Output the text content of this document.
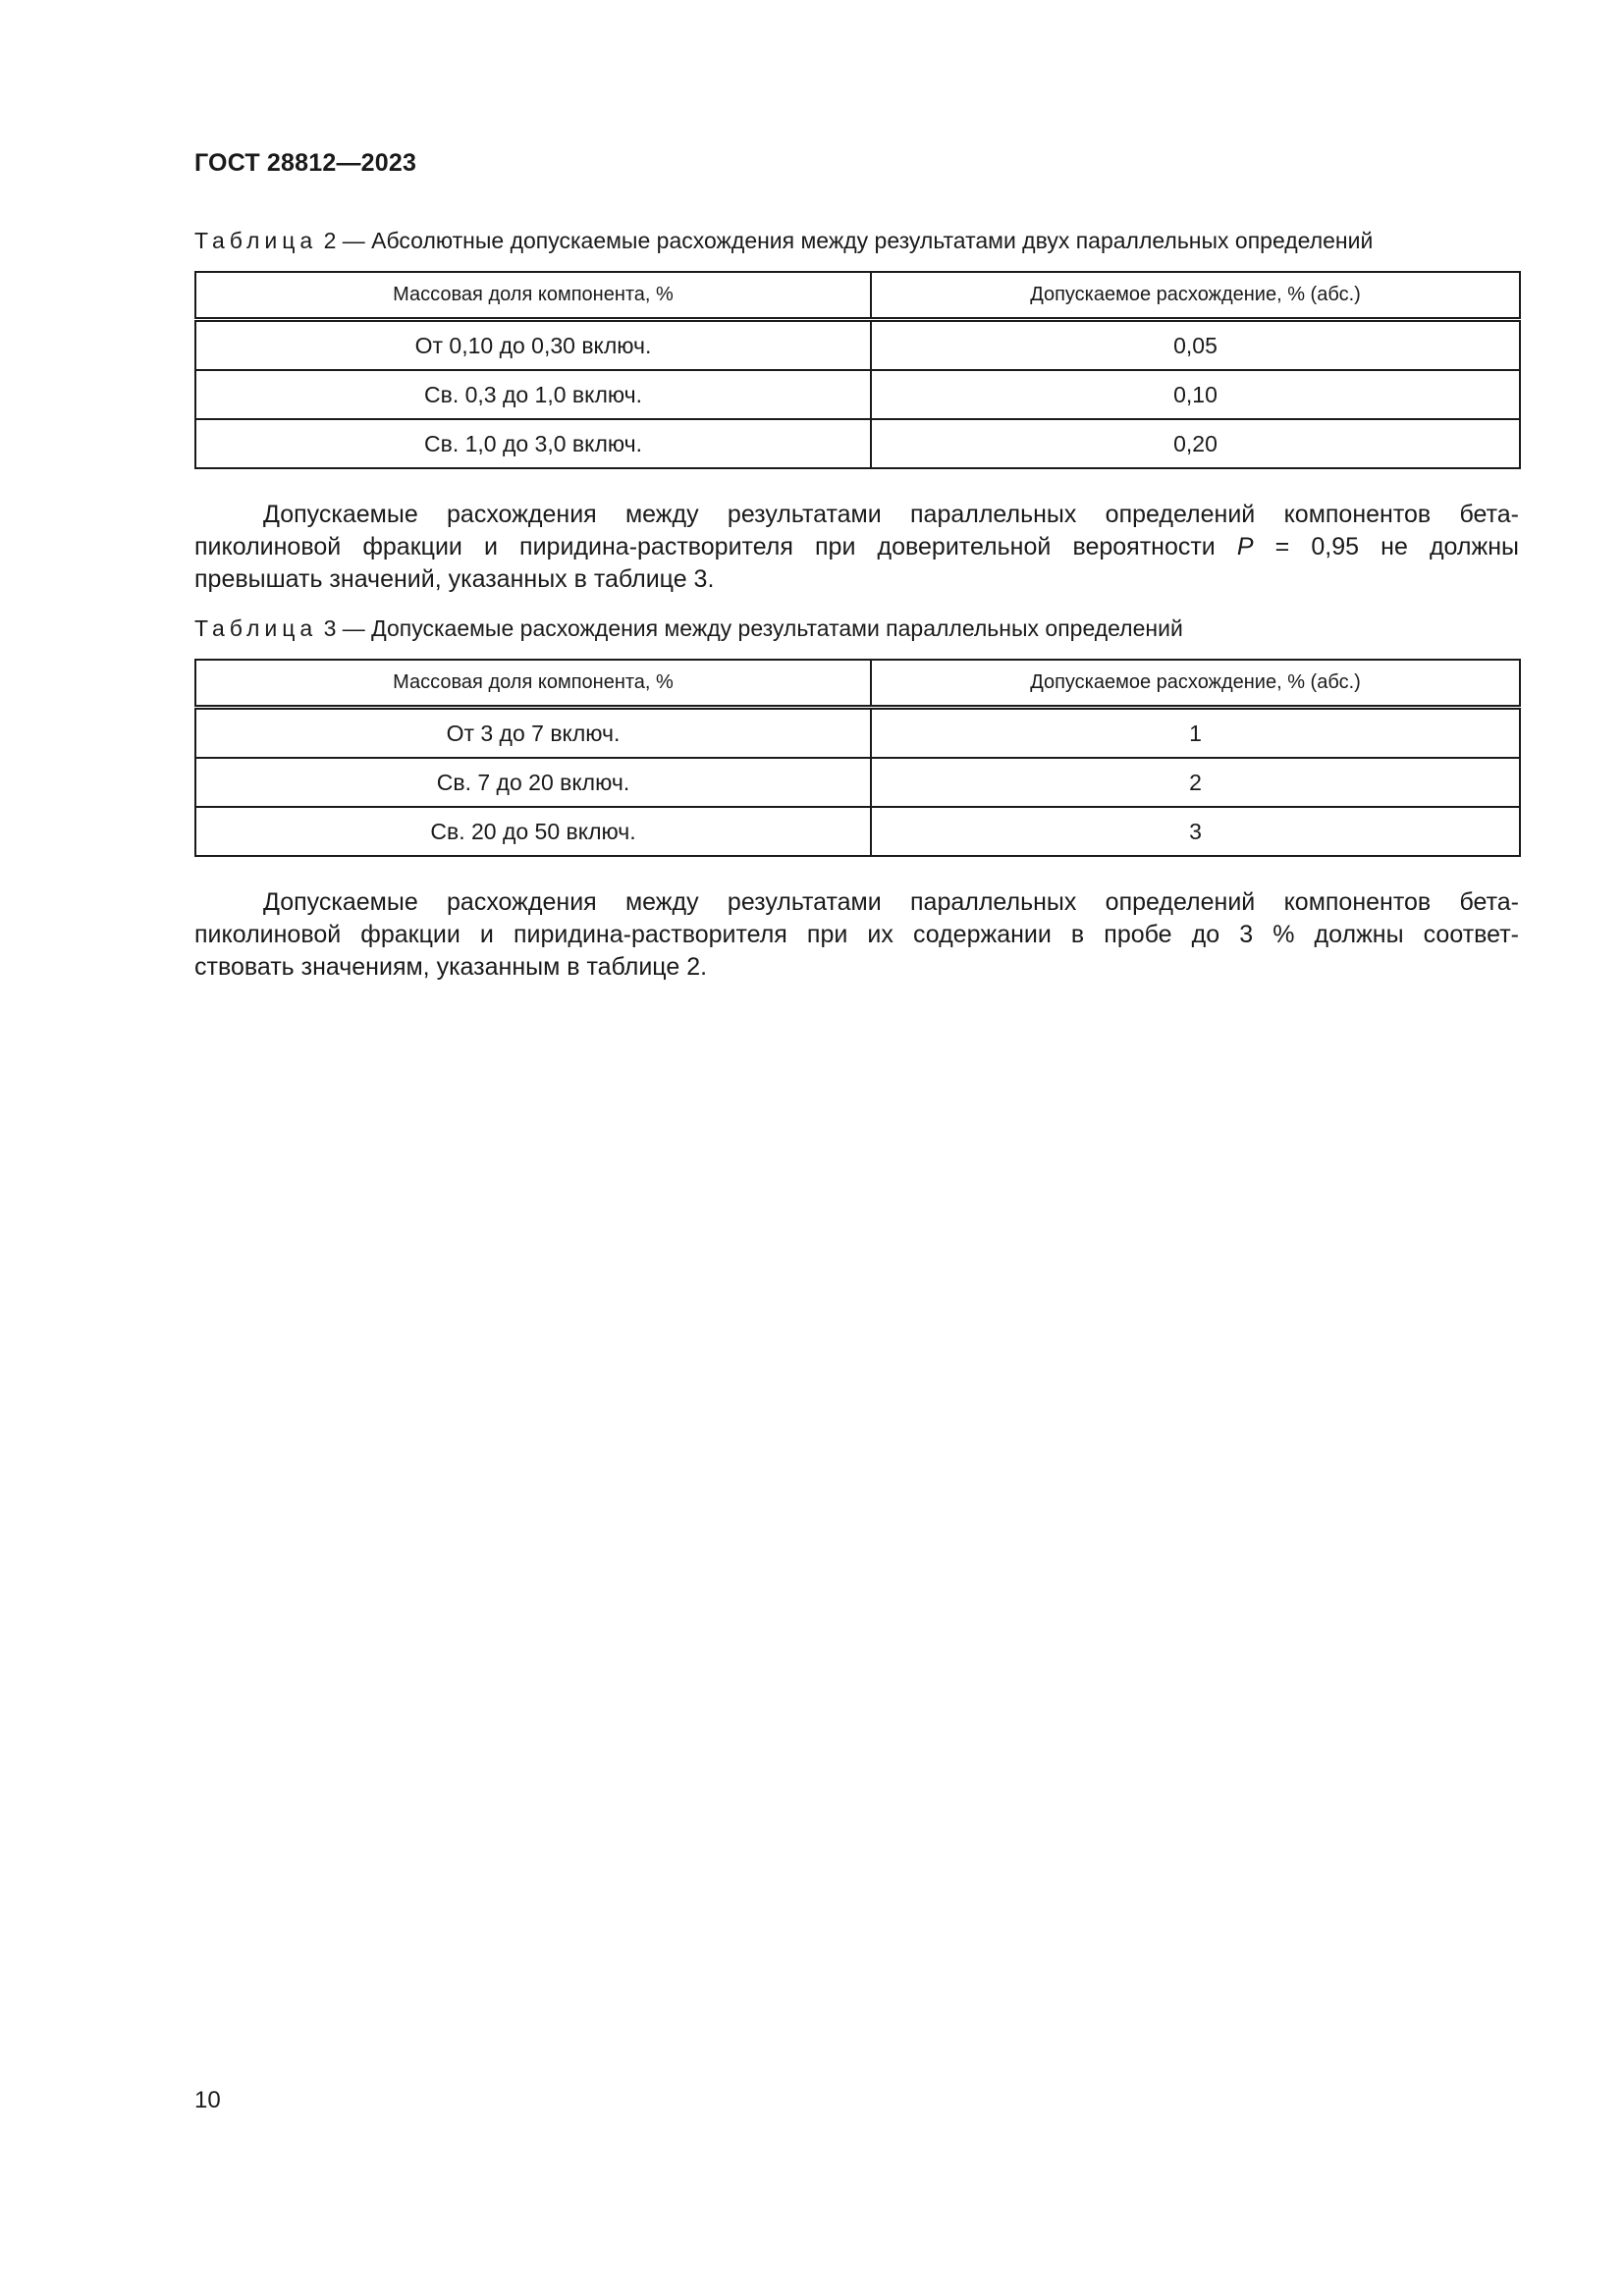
ГОСТ 28812—2023
Таблица 2 — Абсолютные допускаемые расхождения между результатами двух параллельных определений
Массовая доля компонента, %	Допускаемое расхождение, % (абс.)
От 0,10 до 0,30 включ.	0,05
Св. 0,3 до 1,0 включ.	0,10
Св. 1,0 до 3,0 включ.	0,20
Допускаемые расхождения между результатами параллельных определений компонентов бета-
пиколиновой фракции и пиридина-растворителя при доверительной вероятности P = 0,95 не должны
превышать значений, указанных в таблице 3.
Таблица 3 — Допускаемые расхождения между результатами параллельных определений
Массовая доля компонента, %	Допускаемое расхождение, % (абс.)
От 3 до 7 включ.	1
Св. 7 до 20 включ.	2
Св. 20 до 50 включ.	3
Допускаемые расхождения между результатами параллельных определений компонентов бета-
пиколиновой фракции и пиридина-растворителя при их содержании в пробе до 3 % должны соответ-
ствовать значениям, указанным в таблице 2.
10
